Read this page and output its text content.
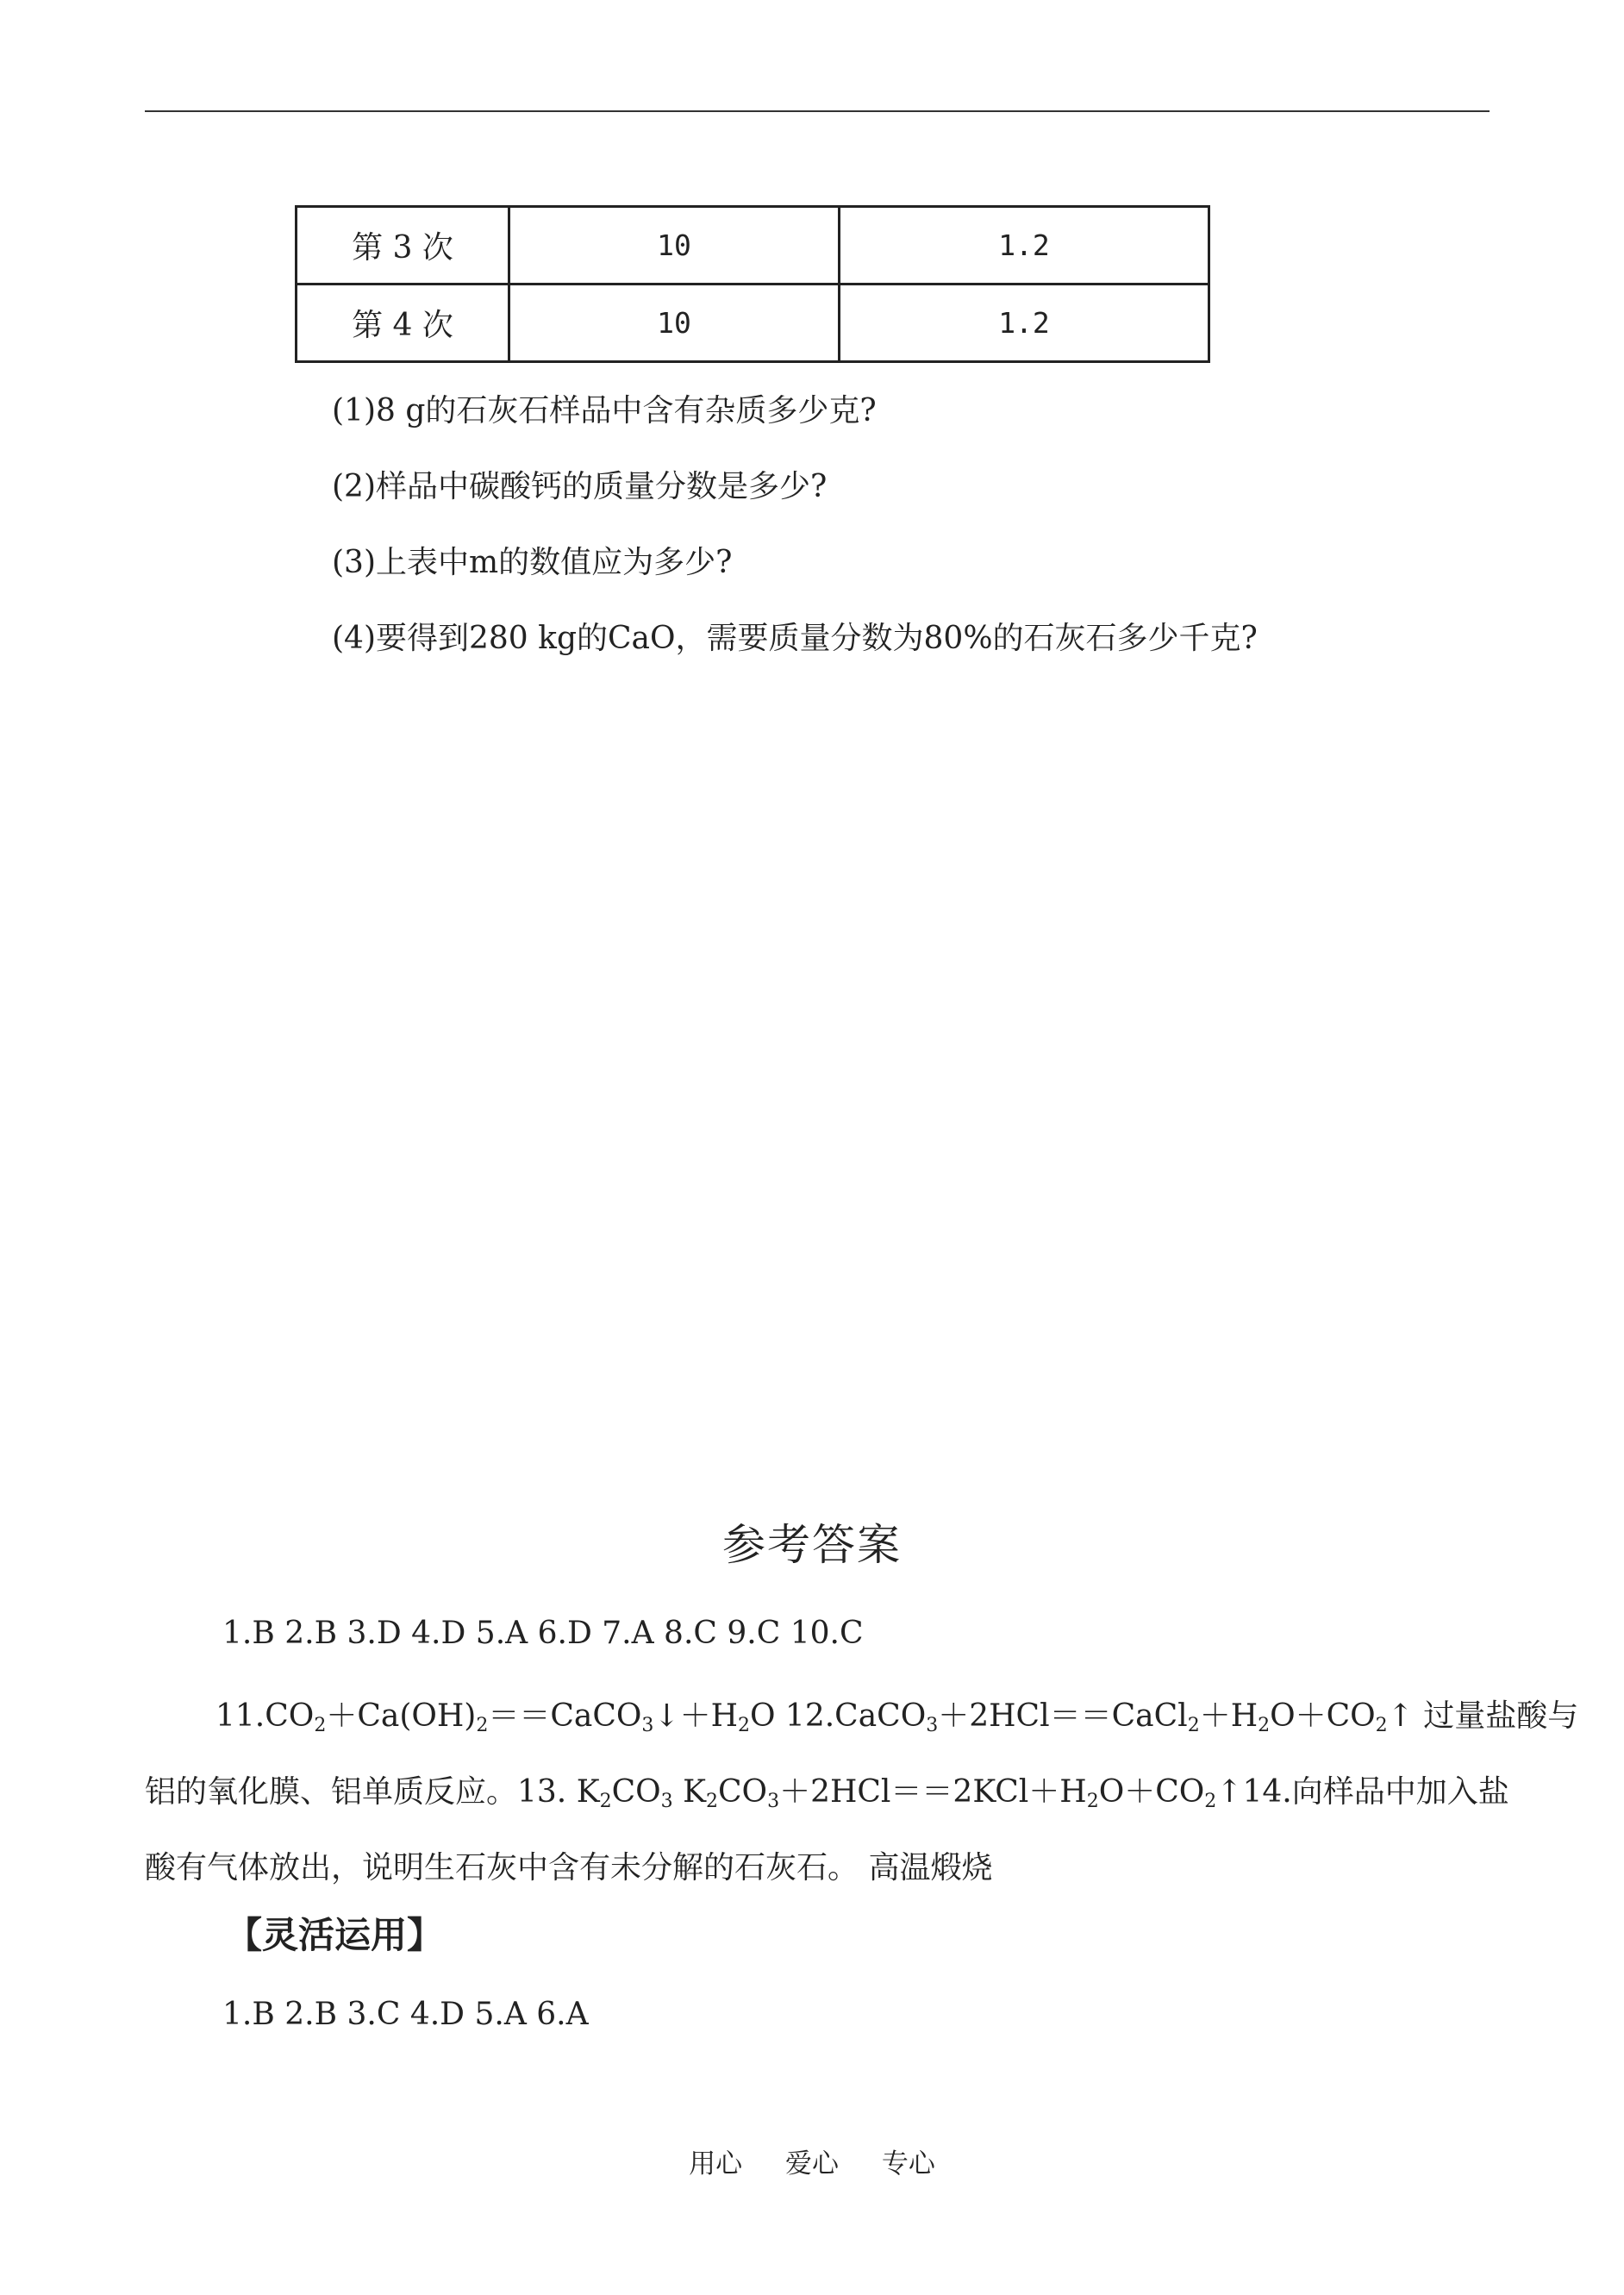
第 3 次	10	1.2
第 4 次	10	1.2
(1)8 g的石灰石样品中含有杂质多少克?
(2)样品中碳酸钙的质量分数是多少?
(3)上表中m的数值应为多少?
(4)要得到280 kg的CaO，需要质量分数为80%的石灰石多少千克?
参考答案
1.B 2.B 3.D 4.D 5.A 6.D 7.A 8.C 9.C 10.C
$11.CO_2+Ca(OH)_2==CaCO_3↓+H_2O$ $12.CaCO_3+2HCl==CaCl_2+H_2O+CO_2↑$ 过量盐酸与
铝的氧化膜、铝单质反应。13. $K_2CO_3$ $K_2CO_3+2HCl==2KCl+H_2O+CO_2↑14$.向样品中加入盐
酸有气体放出，说明生石灰中含有未分解的石灰石。 高温煅烧
【灵活运用】
1.B 2.B 3.C 4.D 5.A 6.A
用心 爱心 专心
